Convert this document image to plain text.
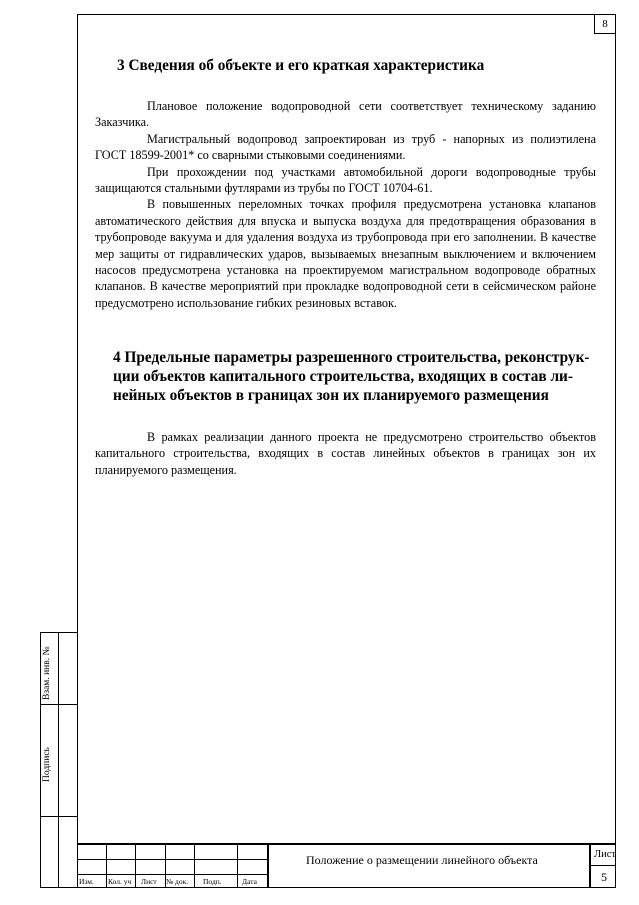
8
3 Сведения об объекте и его краткая характеристика

Плановое положение водопроводной сети соответствует техническому заданию Заказчика.

Магистральный водопровод запроектирован из труб - напорных из полиэтилена ГОСТ 18599-2001* со сварными стыковыми соединениями.

При прохождении под участками автомобильной дороги водопроводные трубы защищаются стальными футлярами из трубы по ГОСТ 10704-61.

В повышенных переломных точках профиля предусмотрена установка клапанов автоматического действия для впуска и выпуска воздуха для предотвращения образования в трубопроводе вакуума и для удаления воздуха из трубопровода при его заполнении. В качестве мер защиты от гидравлических ударов, вызываемых внезапным выключением и включением насосов предусмотрена установка на проектируемом магистральном водопроводе обратных клапанов. В качестве мероприятий при прокладке водопроводной сети в сейсмическом районе предусмотрено использование гибких резиновых вставок.

4 Предельные параметры разрешенного строительства, реконструк-
ции объектов капитального строительства, входящих в состав ли-
нейных объектов в границах зон их планируемого размещения

В рамках реализации данного проекта не предусмотрено строительство объектов капитального строительства, входящих в состав линейных объектов в границах зон их планируемого размещения.

Взам. инв. №
Подпись
Изм. Кол. уч Лист № док. Подп.	Дата
Положение о размещении линейного объекта	Лист
5
